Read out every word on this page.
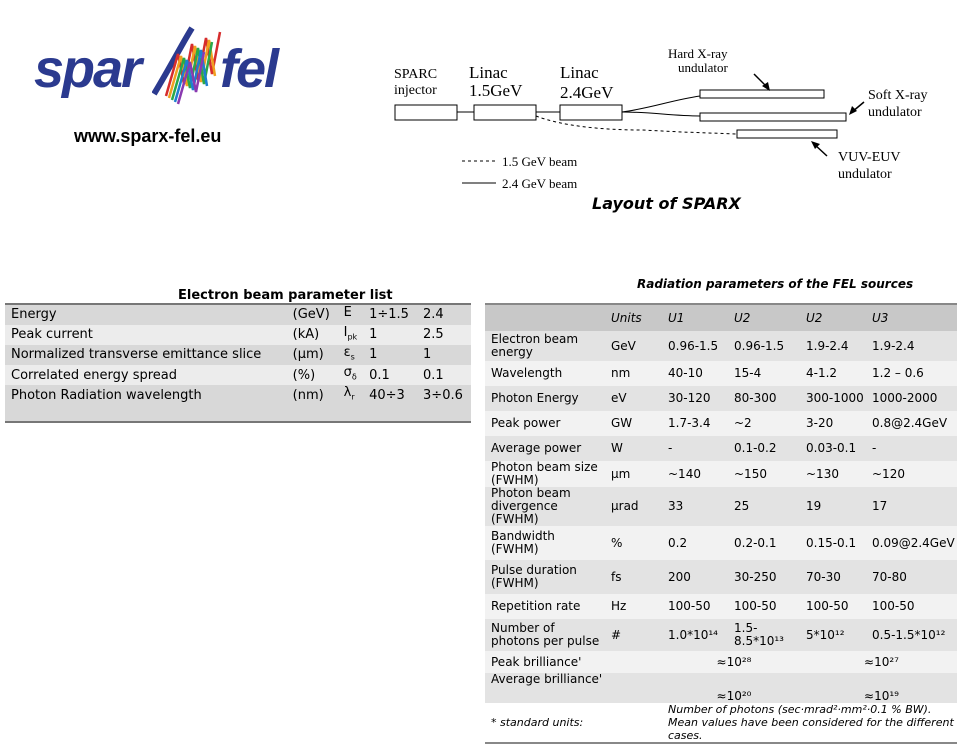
spar fel
www.sparx-fel.eu
SPARC
injector
Linac
1.5GeV
Linac
2.4GeV
Hard X-ray
undulator
Soft X-ray
undulator
VUV-EUV
undulator
1.5 GeV beam
2.4 GeV beam
Layout of SPARX
Electron beam parameter list
Energy	(GeV)	E	1÷1.5	2.4
Peak current	(kA)	$I_{pk}$	1	2.5
Normalized transverse emittance slice	(µm)	$\varepsilon_s$	1	1
Correlated energy spread	(%)	$\sigma_\delta$	0.1	0.1
Photon Radiation wavelength	(nm)	$\lambda_r$	40÷3	3÷0.6

Radiation parameters of the FEL sources
	Units	U1	U2	U2	U3
Electron beam energy	GeV	0.96-1.5	0.96-1.5	1.9-2.4	1.9-2.4
Wavelength	nm	40-10	15-4	4-1.2	1.2 – 0.6
Photon Energy	eV	30-120	80-300	300-1000	1000-2000
Peak power	GW	1.7-3.4	~2	3-20	0.8@2.4GeV
Average power	W	-	0.1-0.2	0.03-0.1	-
Photon beam size (FWHM)	µm	~140	~150	~130	~120
Photon beam divergence (FWHM)	µrad	33	25	19	17
Bandwidth (FWHM)	%	0.2	0.2-0.1	0.15-0.1	0.09@2.4GeV
Pulse duration (FWHM)	fs	200	30-250	70-30	70-80
Repetition rate	Hz	100-50	100-50	100-50	100-50
Number of photons per pulse	#	1.0*10¹⁴	1.5-8.5*10¹³	5*10¹²	0.5-1.5*10¹²
Peak brilliance'		≈10²⁸		≈10²⁷	
Average brilliance'		≈10²⁰		≈10¹⁹	
* standard units:		Number of photons (sec·mrad²·mm²·0.1 % BW). Mean values have been considered for the different cases.			
